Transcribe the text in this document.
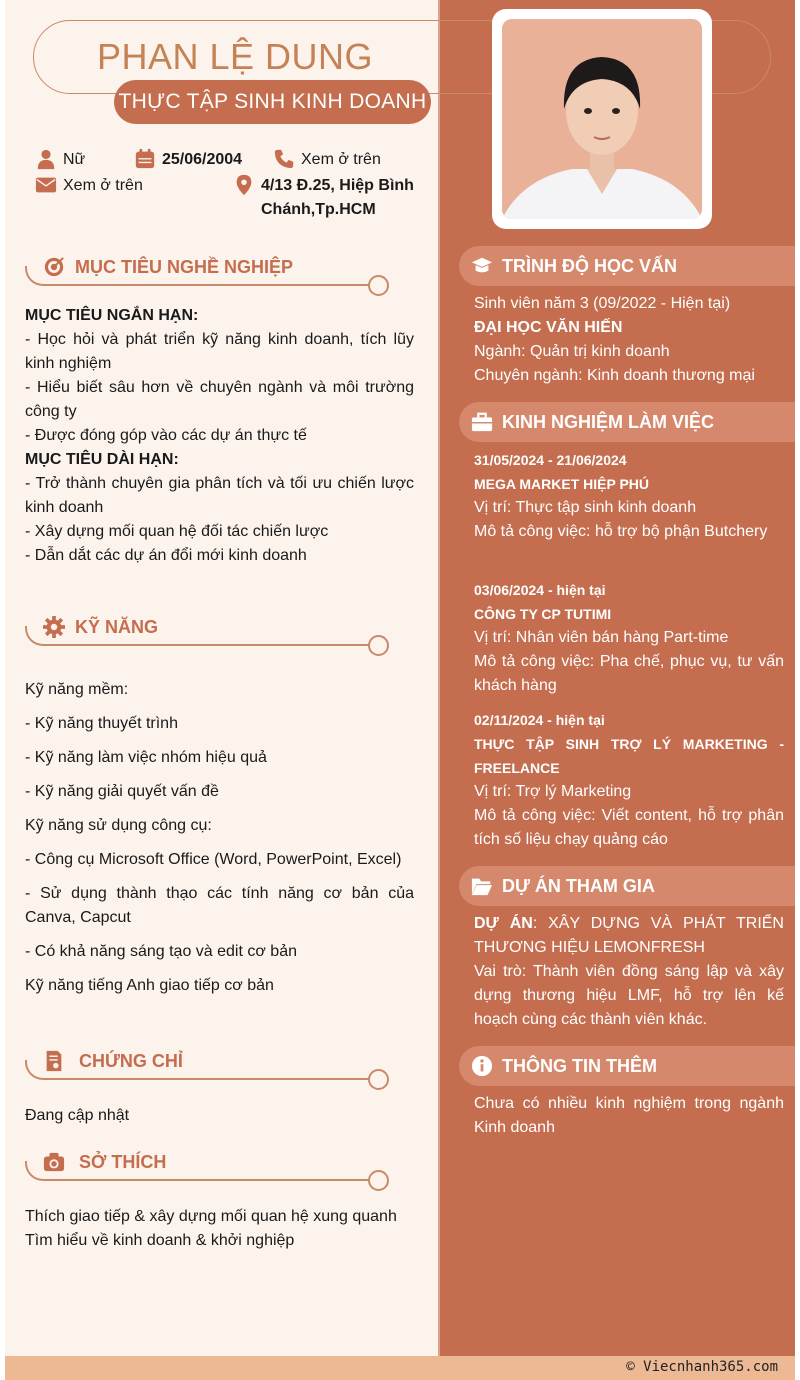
PHAN LỆ DUNG
THỰC TẬP SINH KINH DOANH
Nữ	25/06/2004	Xem ở trên
Xem ở trên	4/13 Đ.25, Hiệp Bình
Chánh,Tp.HCM
MỤC TIÊU NGHỀ NGHIỆP
MỤC TIÊU NGẮN HẠN:
- Học hỏi và phát triển kỹ năng kinh doanh, tích lũy kinh nghiệm
- Hiểu biết sâu hơn về chuyên ngành và môi trường công ty
- Được đóng góp vào các dự án thực tế
MỤC TIÊU DÀI HẠN:
- Trở thành chuyên gia phân tích và tối ưu chiến lược kinh doanh
- Xây dựng mối quan hệ đối tác chiến lược
- Dẫn dắt các dự án đổi mới kinh doanh
KỸ NĂNG
Kỹ năng mềm:
- Kỹ năng thuyết trình
- Kỹ năng làm việc nhóm hiệu quả
- Kỹ năng giải quyết vấn đề
Kỹ năng sử dụng công cụ:
- Công cụ Microsoft Office (Word, PowerPoint, Excel)
- Sử dụng thành thạo các tính năng cơ bản của Canva, Capcut
- Có khả năng sáng tạo và edit cơ bản
Kỹ năng tiếng Anh giao tiếp cơ bản
CHỨNG CHỈ
Đang cập nhật
SỞ THÍCH
Thích giao tiếp & xây dựng mối quan hệ xung quanh
Tìm hiểu về kinh doanh & khởi nghiệp
TRÌNH ĐỘ HỌC VẤN
Sinh viên năm 3 (09/2022 - Hiện tại)
ĐẠI HỌC VĂN HIẾN
Ngành: Quản trị kinh doanh
Chuyên ngành: Kinh doanh thương mại
KINH NGHIỆM LÀM VIỆC
31/05/2024 - 21/06/2024
MEGA MARKET HIỆP PHÚ
Vị trí: Thực tập sinh kinh doanh
Mô tả công việc: hỗ trợ bộ phận Butchery
03/06/2024 - hiện tại
CÔNG TY CP TUTIMI
Vị trí: Nhân viên bán hàng Part-time
Mô tả công việc: Pha chế, phục vụ, tư vấn khách hàng
02/11/2024 - hiện tại
THỰC TẬP SINH TRỢ LÝ MARKETING - FREELANCE
Vị trí: Trợ lý Marketing
Mô tả công việc: Viết content, hỗ trợ phân tích số liệu chạy quảng cáo
DỰ ÁN THAM GIA
DỰ ÁN: XÂY DỰNG VÀ PHÁT TRIỂN THƯƠNG HIỆU LEMONFRESH
Vai trò: Thành viên đồng sáng lập và xây dựng thương hiệu LMF, hỗ trợ lên kế hoạch cùng các thành viên khác.
THÔNG TIN THÊM
Chưa có nhiều kinh nghiệm trong ngành Kinh doanh
© Viecnhanh365.com
